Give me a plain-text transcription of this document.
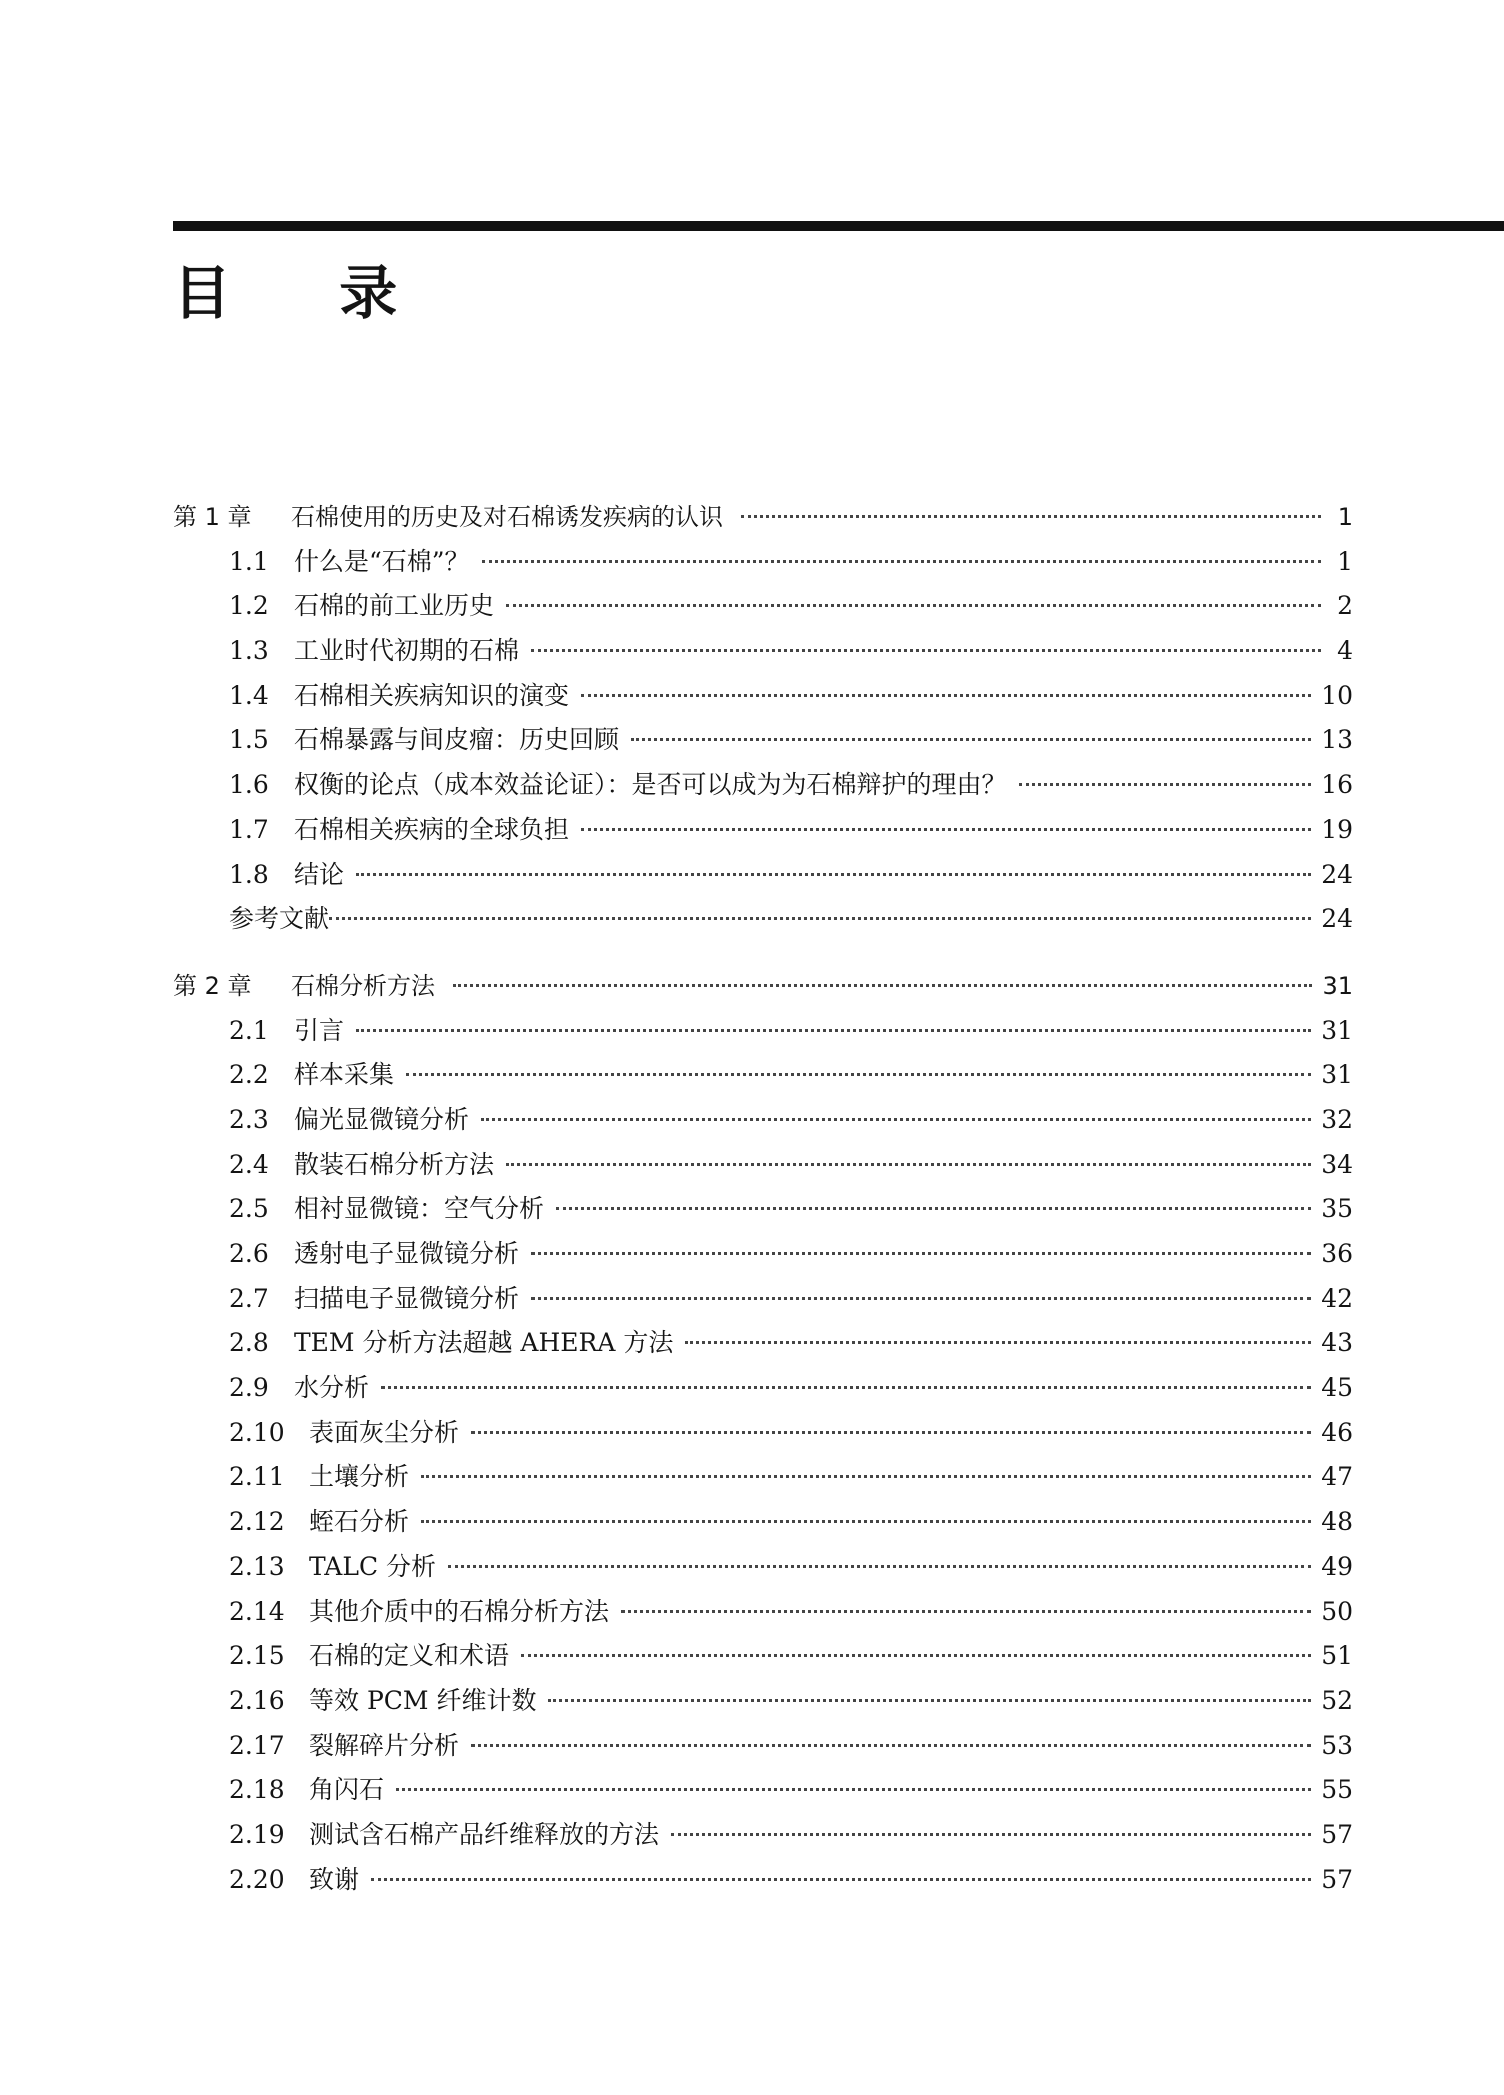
目 录
第 1 章	石棉使用的历史及对石棉诱发疾病的认识	1
1.1	什么是“石棉”？	1
1.2	石棉的前工业历史	2
1.3	工业时代初期的石棉	4
1.4	石棉相关疾病知识的演变	10
1.5	石棉暴露与间皮瘤：历史回顾	13
1.6	权衡的论点（成本效益论证）：是否可以成为为石棉辩护的理由？	16
1.7	石棉相关疾病的全球负担	19
1.8	结论	24
参考文献	24
第 2 章	石棉分析方法	31
2.1	引言	31
2.2	样本采集	31
2.3	偏光显微镜分析	32
2.4	散装石棉分析方法	34
2.5	相衬显微镜：空气分析	35
2.6	透射电子显微镜分析	36
2.7	扫描电子显微镜分析	42
2.8	TEM 分析方法超越 AHERA 方法	43
2.9	水分析	45
2.10 表面灰尘分析	46
2.11 土壤分析	47
2.12 蛭石分析	48
2.13 TALC 分析	49
2.14 其他介质中的石棉分析方法	50
2.15 石棉的定义和术语	51
2.16 等效 PCM 纤维计数	52
2.17 裂解碎片分析	53
2.18 角闪石	55
2.19 测试含石棉产品纤维释放的方法	57
2.20 致谢	57
